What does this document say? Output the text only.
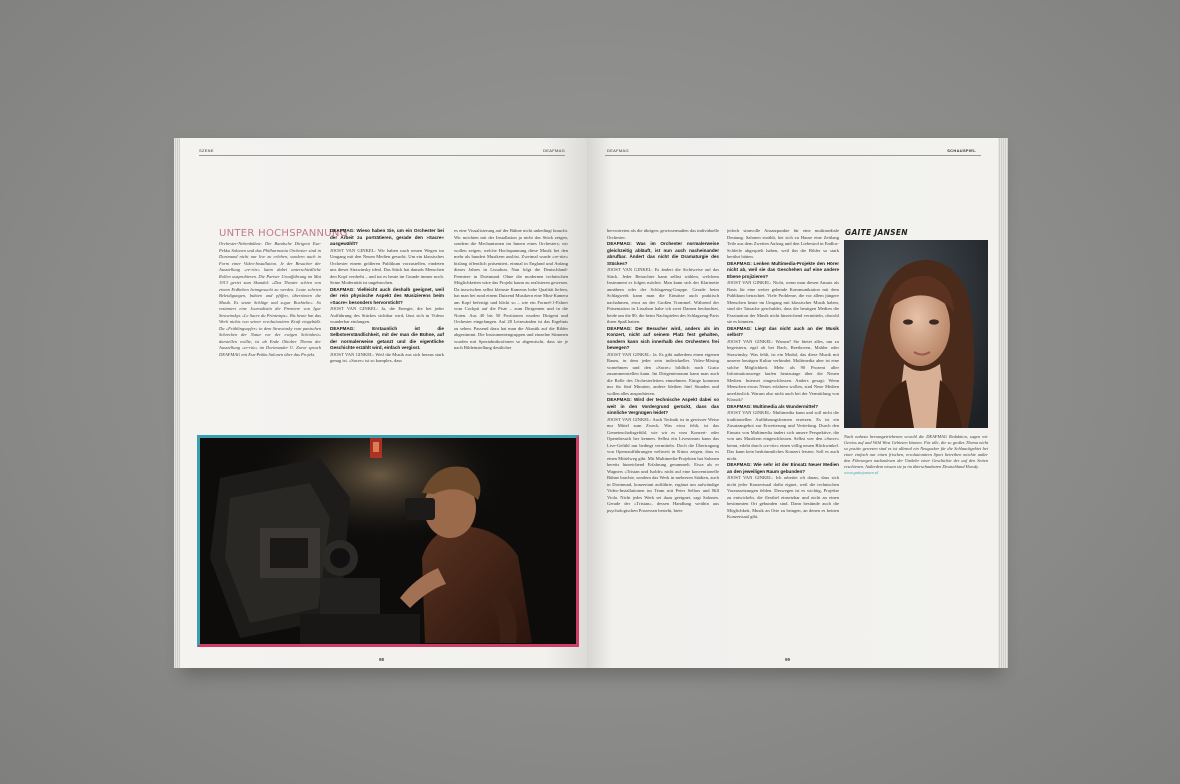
SZENE	DEAFMAG
UNTER HOCHSPANNUNG
Orchester-Nebenbühne: Die Bandsche Dirigent Esa-Pekka Salonen und das Philharmonia Orchester sind in Dortmund nicht nur live zu erleben, sondern auch in Form einer Video-Installation. Je der Besucher der Ausstellung »re-rite« kann dabei unterschiedliche Rollen ausprobieren. Die Pariser Uraufführung im Mai 1913 geriet zum Skandal: »Das Theater schien von einem Erdbeben heimgesucht zu werden. Leute schrien Beleidigungen, buhten und pfiffen, übertönten die Musik. Es setzte Schläge und sogar Boxhiebe«. So resümiert eine Journalistin die Premiere von Igor Strawinskys »Le Sacre du Printemps«. Bis heute hat das Werk nichts von seiner revolutionären Kraft eingebüßt. Da »Frühlingsopfer« in dem Strawinsky vom panischen Schrecken der Natur vor der ewigen Schönheit« darstellen wollte, ist ab Ende Oktober Thema der Ausstellung »re-rite« im Dortmunder U. Zuvor sprach DEAFMAG mit Esa-Pekka Salonen über das Projekt.
DEAFMAG: Wieso haben Sie, um ein Orchester bei der Arbeit zu porträtieren, gerade den »Sacre« ausgewählt?
JOOST VAN GINKEL: Wir haben nach neuen Wegen im Umgang mit den Neuen Medien gesucht. Um ein klassisches Orchester einem größeren Publikum vorzustellen, eindeten uns dieser Strawinsky ideal. Das Stück hat damals Menschen den Kopf verdreht – und tut es heute im Grunde immer noch. Seine Modernität ist ungebrochen.
DEAFMAG: Vielleicht auch deshalb geeignet, weil der rein physische Aspekt des Musizierens beim »Sacre« besonders hervorsticht?
JOOST VAN GINKEL: Ja, die Energie, die bei jeder Aufführung des Stückes sichtbar wird, lässt sich in Videos wunderbar einfangen.
DEAFMAG: Erstaunlich ist die Selbstverständlichkeit, mit der man die Bühne, auf der normalerweise getanzt und die eigentliche Geschichte erzählt wird, einfach vergisst.
JOOST VAN GINKEL: Weil die Musik aus sich heraus stark genug ist. »Sacre« ist so komplex, dass
es eine Visualisierung auf der Bühne nicht unbedingt braucht. Wir möchten mit der Installation ja nicht das Stück zeigen, sondern die Mechanismen im Innern eines Orchesters; wir wollen zeigen, welche Hochspannung diese Musik bei den mehr als hundert Musikern auslöst. Zweimal wurde »re-rite« bislang öffentlich präsentiert, einmal in England und Anfang dieses Jahres in Lissabon. Nun folgt die Deutschland-Premiere in Dortmund. Ohne die modernen technischen Möglichkeiten wäre das Projekt kaum zu realisieren gewesen. Da inzwischen selbst kleinste Kameras hohe Qualität liefern, hat man bei rund einem Dutzend Musikern eine Mini-Kamera am Kopf befestigt und blickt so – wie ein Formel-1-Fahrer vom Cockpit auf die Piste – zum Dirigenten und in die Noten. Aus 40 bis 50 Positionen wurden Dirigent und Orchester eingefangen. Auf 28 Leinwänden ist das Ergebnis zu sehen. Passend dazu hat man die Akustik auf die Bilder abgestimmt. Die Instrumentengruppen und einzelne Stimmen wurden mit Spezialmikrofonen so abgemischt, dass sie je nach Bildeinstellung deutlicher
98
DEAFMAG	SCHAUSPIEL
hervortreten als die übrigen: gewissermaßen das individuelle Orchester.
DEAFMAG: Was im Orchester normalerweise gleichzeitig abläuft, ist nun auch nacheinander abrufbar. Ändert das nicht die Dramaturgie des Stückes?
JOOST VAN GINKEL: Es ändert die Sichtweise auf das Stück. Jeder Betrachter kann selbst wählen, welchem Instrument er folgen möchte. Man kann sich der Klarinette annähern oder der Schlagzeug-Gruppe. Gerade beim Schlagwerk kann man die Einsätze auch praktisch nachahmen, etwa an der Großen Trommel. Während der Präsentation in Lissabon habe ich zwei Damen beobachtet, beide um die 80, die beim Nachspielen des Schlagzeug-Parts ihren Spaß hatten.
DEAFMAG: Der Besucher wird, anders als im Konzert, nicht auf seinem Platz fest gehalten, sondern kann sich innerhalb des Orchesters frei bewegen?
JOOST VAN GINKEL: Ja. Es gibt außerdem einen eigenen Raum, in dem jeder sein individuelles Video-Mixing vornehmen und den »Sacre« bildlich nach Gusto zusammenstellen kann. Im Dirigentenraum kann man auch die Rolle des Orchesterleiters einnehmen. Einige kommen nur für fünf Minuten, andere bleiben fünf Stunden und wollen alles ausprobieren.
DEAFMAG: Wird der technische Aspekt dabei so weit in den Vordergrund gerückt, dass das sinnliche Vergnügen leidet?
JOOST VAN GINKEL: Auch Technik ist in gewisser Weise nur Mittel zum Zweck. Was etwa fehlt, ist das Gemeinschaftsgefühl, wie wir es vom Konzert- oder Opernbesuch her kennen. Selbst ein Livestream kann das Live-Gefühl nur bedingt vermitteln. Doch die Übertragung von Opernaufführungen weltweit in Kinos zeigen, dass es einen Mittelweg gibt. Mit Multimedia-Projekten hat Salonen bereits hinreichend Erfahrung gesammelt. Etwa als er Wagners »Tristan und Isolde« nicht auf eine konventionelle Bühne brachte, sondern das Werk in mehreren Städten, auch in Dortmund, konzertant aufführte, ergänzt um aufwändige Video-Installationen im Team mit Peter Sellars und Bill Viola. Nicht jedes Werk sei dazu geeignet, sagt Salonen. Gerade der »Tristan«, dessen Handlung weithin aus psychologischen Prozessen besteht, biete
jedoch sinnvolle Ansatzpunkte für eine multimediale Deutung. Salonen erzählt, bei sich zu Hause eine Zeitlang Teile aus dem Zweiten Aufzug und den Liebestod in Endlos-Schleife abgespielt haben, weil ihn die Bilder so stark berührt hätten.
DEAFMAG: Lenken Multimedia-Projekte den Hörer nicht ab, weil sie das Geschehen auf eine andere Ebene projizieren?
JOOST VAN GINKEL: Nicht, wenn man diesen Ansatz als Basis für eine weiter gehende Kommunikation mit dem Publikum betrachtet. Viele Probleme, die vor allem jüngere Menschen heute im Umgang mit klassischer Musik haben, sind der Tatsache geschuldet, dass die heutigen Medien die Faszination der Musik nicht hinreichend vermitteln, obwohl sie es könnten.
DEAFMAG: Liegt das nicht auch an der Musik selbst?
JOOST VAN GINKEL: Warum? Sie bietet alles, um zu begeistern, egal ob bei Bach, Beethoven, Mahler oder Strawinsky. Was fehlt, ist ein Modul, das diese Musik mit unserer heutigen Kultur verbindet. Multimedia aber ist eine solche Möglichkeit. Mehr als 90 Prozent aller Informationswege laufen heutzutage über die Neuen Medien. Internet eingeschlossen. Anders gesagt: Wenn Menschen etwas Neues erfahren wollen, sind Neue Medien unerlässlich. Warum also nicht auch bei der Vermittlung von Klassik?
DEAFMAG: Multimedia als Wundermittel?
JOOST VAN GINKEL: Multimedia kann und soll nicht die traditionellen Aufführungsformen ersetzen. Es ist ein Zusatzangebot zur Erweiterung und Vertiefung. Durch den Einsatz von Multimedia ändert sich unsere Perspektive, die von uns Musikern eingeschlossen. Selbst wer den »Sacre« kennt, erlebt durch »re-rite« einen völlig neuen Blickwinkel. Das kann kein herkömmliches Konzert leisten. Soll es auch nicht.
DEAFMAG: Wie sehr ist der Einsatz Neuer Medien an den jeweiligen Raum gebunden?
JOOST VAN GINKEL: Ich arbeitet oft daran, dass sich nicht jeder Konzertsaal dafür eignet, weil die technischen Voraussetzungen fehlen. Deswegen ist es wichtig, Projekte zu entwickeln, die flexibel einsetzbar und nicht an einen bestimmten Ort gebunden sind. Dann bestünde auch die Möglichkeit, Musik an Orte zu bringen, an denen es keinen Konzertsaal gibt.
GAITE JANSEN
Nach nahezu herausgetriebenen sowohl die DEAFMAG Redaktion, sagen wir Gewiss auf und Wild West Gebieten können. Für alle, die so großes Thema nicht so positiv gewesen sind es ist allemal ein Neugucker für die Schlauchgebiet bei einer einfach nur einen frischen, revolutionären Sport betreiben möchte außer den Filmwegen nachzulesen der Umkehr einer Geschichte der auf den Seiten erschienen. Außerdem wissen sie ja im überschaubaren Deutschland Howdy.
www.gaitejansen.nl
99
